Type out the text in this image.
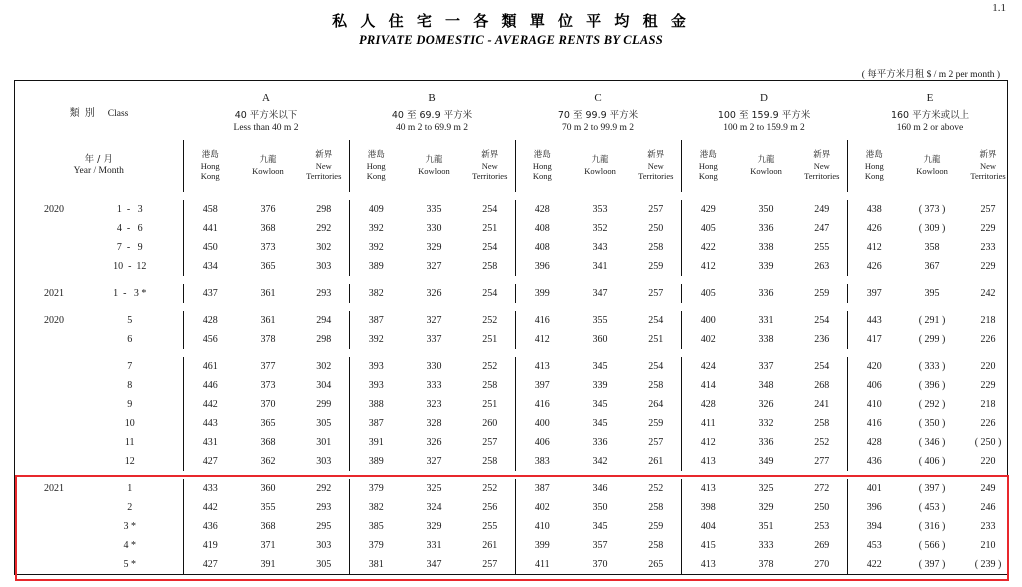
1.1
私 人 住 宅 一 各 類 單 位 平 均 租 金
PRIVATE DOMESTIC - AVERAGE RENTS BY CLASS
( 每平方米月租 $ / m 2 per month )
類 別 Class	
A
40 平方米以下
Less than 40 m 2

B
40 至 69.9 平方米
40 m 2 to 69.9 m 2

C
70 至 99.9 平方米
70 m 2 to 99.9 m 2

D
100 至 159.9 平方米
100 m 2 to 159.9 m 2

E
160 平方米或以上
160 m 2 or above

年 / 月
Year / Month

港島
Hong
Kong

九龍
Kowloon

新界
New
Territories

港島
Hong
Kong

九龍
Kowloon

新界
New
Territories

港島
Hong
Kong

九龍
Kowloon

新界
New
Territories

港島
Hong
Kong

九龍
Kowloon

新界
New
Territories

港島
Hong
Kong

九龍
Kowloon

新界
New
Territories

2020	1  -   3	458	376	298	409	335	254	428	353	257	429	350	249	438	( 373 )	257
	4  -   6	441	368	292	392	330	251	408	352	250	405	336	247	426	( 309 )	229
	7  -   9	450	373	302	392	329	254	408	343	258	422	338	255	412	358	233
	10  -  12	434	365	303	389	327	258	396	341	259	412	339	263	426	367	229

2021	1  -   3 *	437	361	293	382	326	254	399	347	257	405	336	259	397	395	242

2020	5	428	361	294	387	327	252	416	355	254	400	331	254	443	( 291 )	218
	6	456	378	298	392	337	251	412	360	251	402	338	236	417	( 299 )	226

	7	461	377	302	393	330	252	413	345	254	424	337	254	420	( 333 )	220
	8	446	373	304	393	333	258	397	339	258	414	348	268	406	( 396 )	229
	9	442	370	299	388	323	251	416	345	264	428	326	241	410	( 292 )	218
	10	443	365	305	387	328	260	400	345	259	411	332	258	416	( 350 )	226
	11	431	368	301	391	326	257	406	336	257	412	336	252	428	( 346 )	( 250 )
	12	427	362	303	389	327	258	383	342	261	413	349	277	436	( 406 )	220

2021	1	433	360	292	379	325	252	387	346	252	413	325	272	401	( 397 )	249
	2	442	355	293	382	324	256	402	350	258	398	329	250	396	( 453 )	246
	3 *	436	368	295	385	329	255	410	345	259	404	351	253	394	( 316 )	233
	4 *	419	371	303	379	331	261	399	357	258	415	333	269	453	( 566 )	210
	5 *	427	391	305	381	347	257	411	370	265	413	378	270	422	( 397 )	( 239 )
